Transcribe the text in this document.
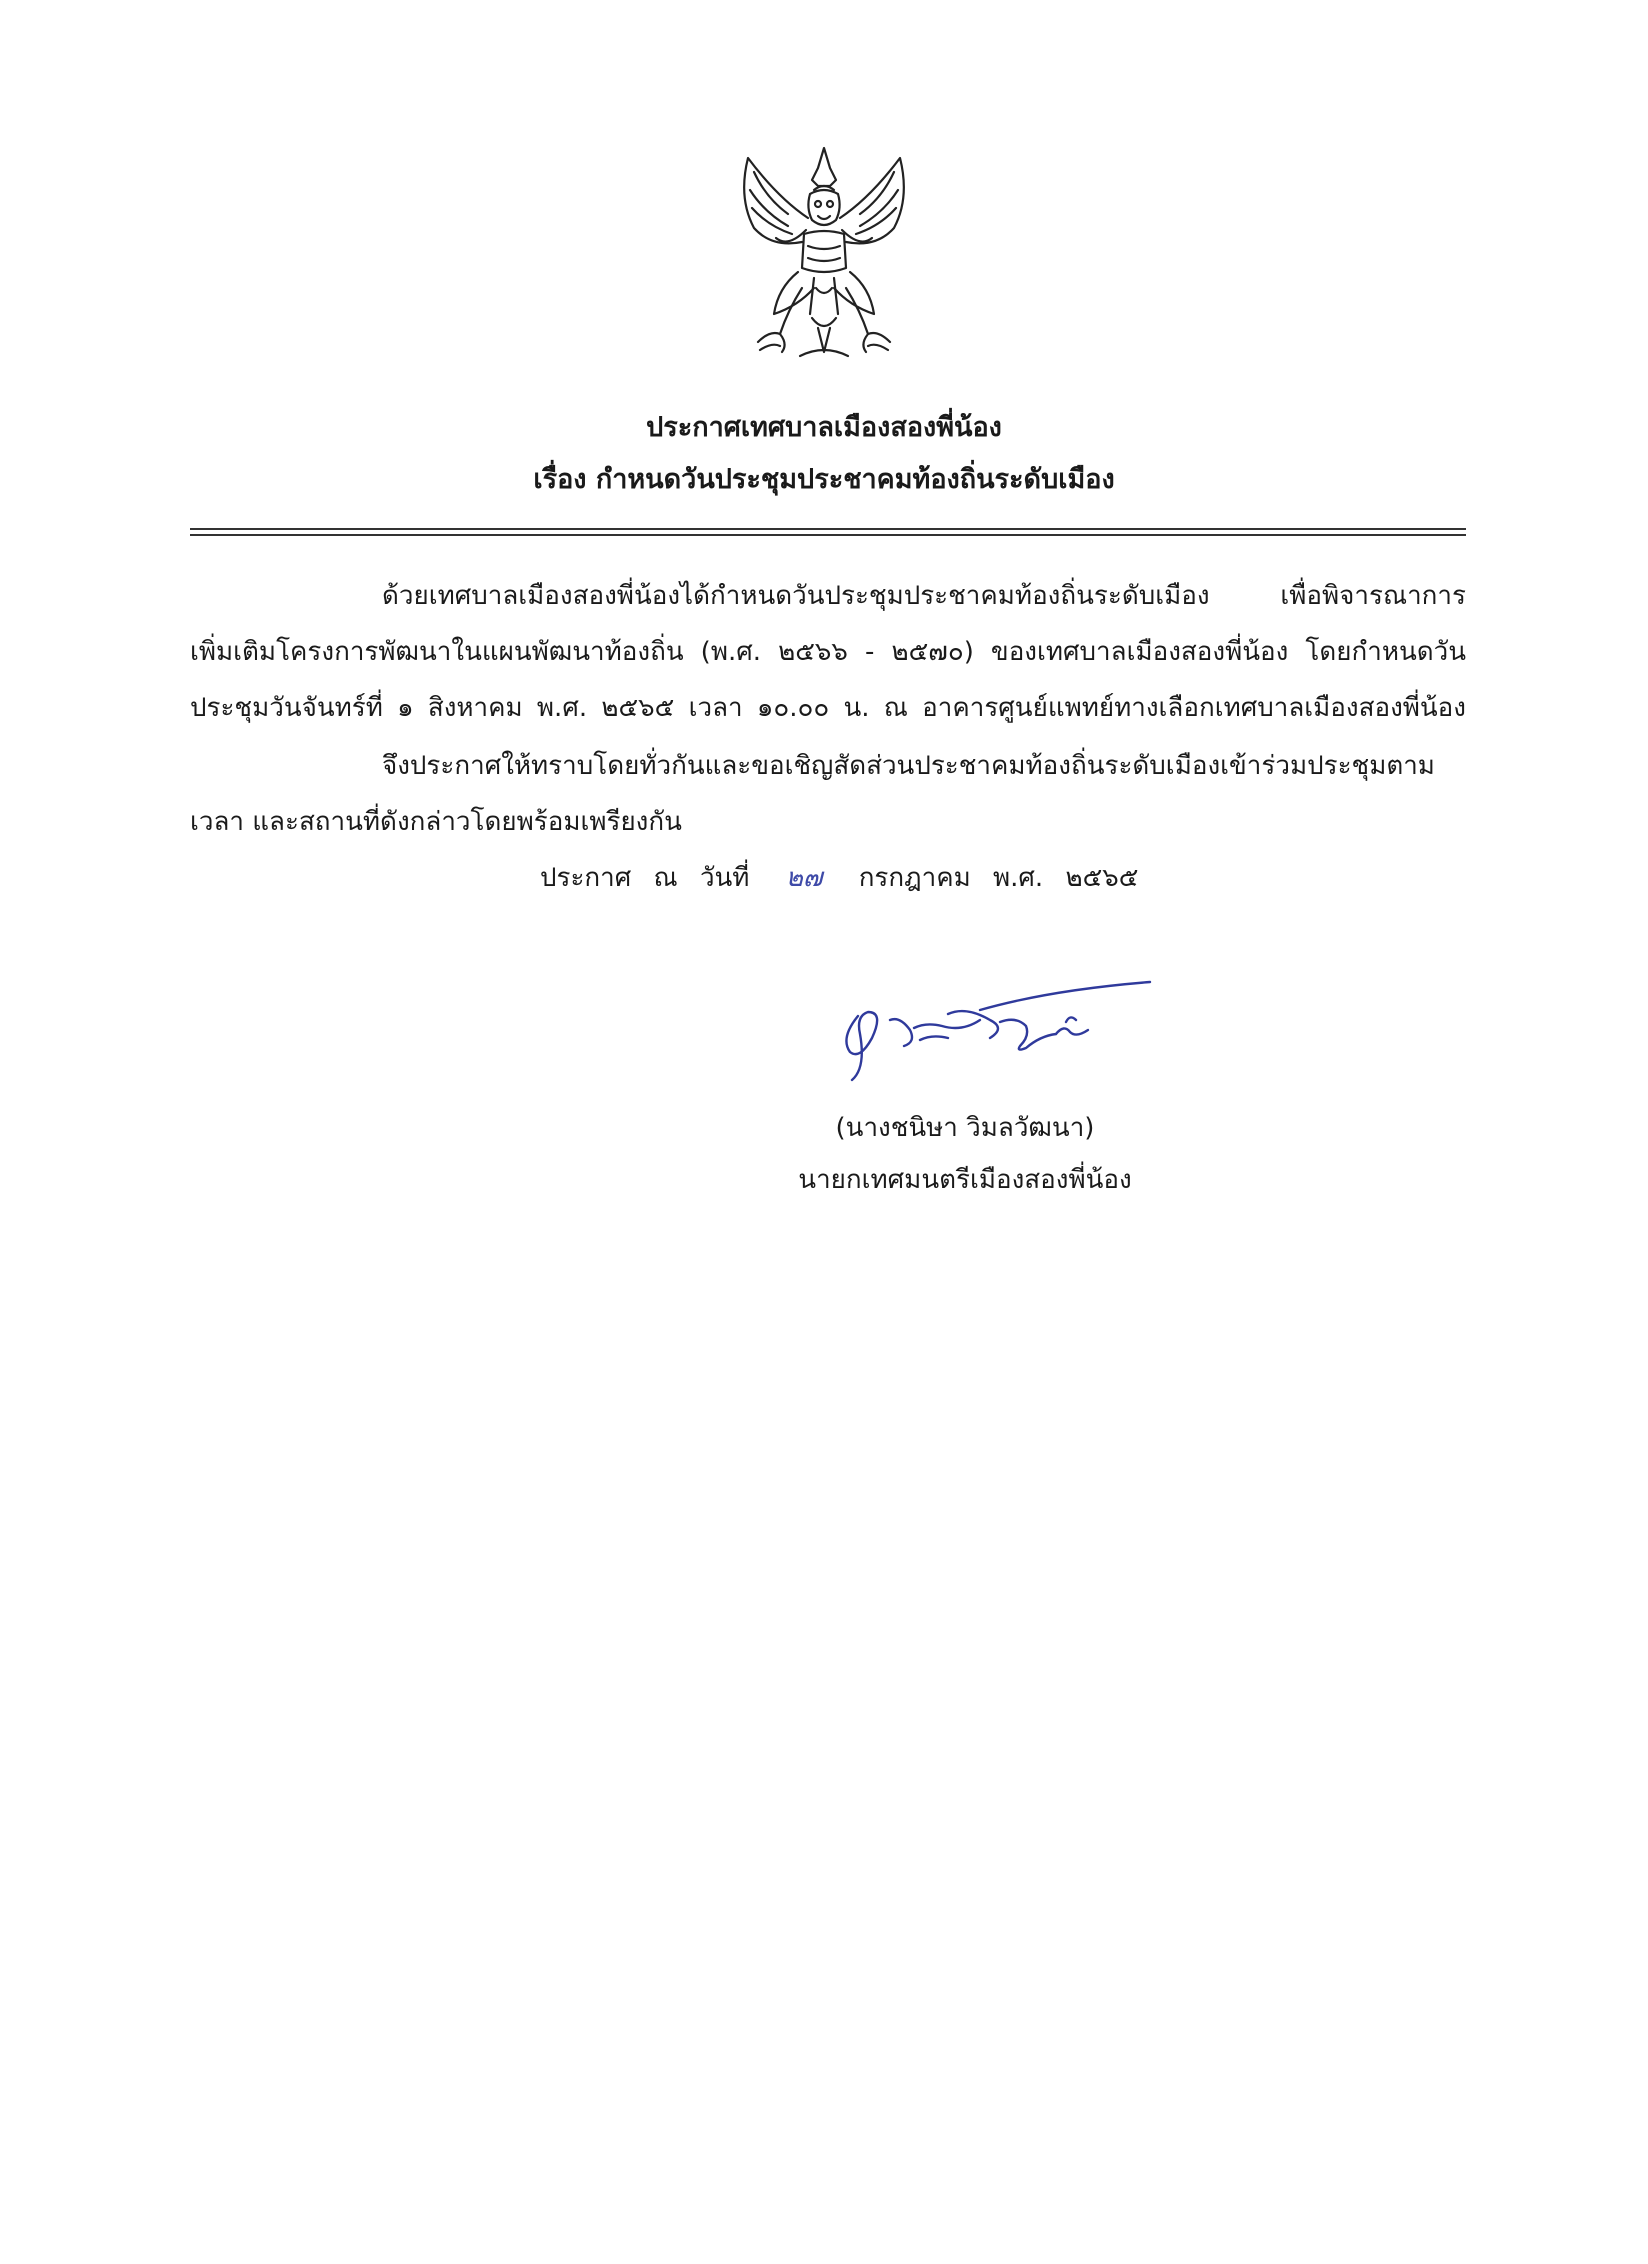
ประกาศเทศบาลเมืองสองพี่น้อง
เรื่อง กำหนดวันประชุมประชาคมท้องถิ่นระดับเมือง
ด้วยเทศบาลเมืองสองพี่น้องได้กำหนดวันประชุมประชาคมท้องถิ่นระดับเมือง เพื่อพิจารณาการ
เพิ่มเติมโครงการพัฒนาในแผนพัฒนาท้องถิ่น (พ.ศ. ๒๕๖๖ - ๒๕๗๐) ของเทศบาลเมืองสองพี่น้อง โดยกำหนดวัน
ประชุมวันจันทร์ที่ ๑ สิงหาคม พ.ศ. ๒๕๖๕ เวลา ๑๐.๐๐ น. ณ อาคารศูนย์แพทย์ทางเลือกเทศบาลเมืองสองพี่น้อง
จึงประกาศให้ทราบโดยทั่วกันและขอเชิญสัดส่วนประชาคมท้องถิ่นระดับเมืองเข้าร่วมประชุมตาม
เวลา และสถานที่ดังกล่าวโดยพร้อมเพรียงกัน
ประกาศ ณ วันที่ ๒๗ กรกฎาคม พ.ศ. ๒๕๖๕
(นางชนิษา วิมลวัฒนา)
นายกเทศมนตรีเมืองสองพี่น้อง
